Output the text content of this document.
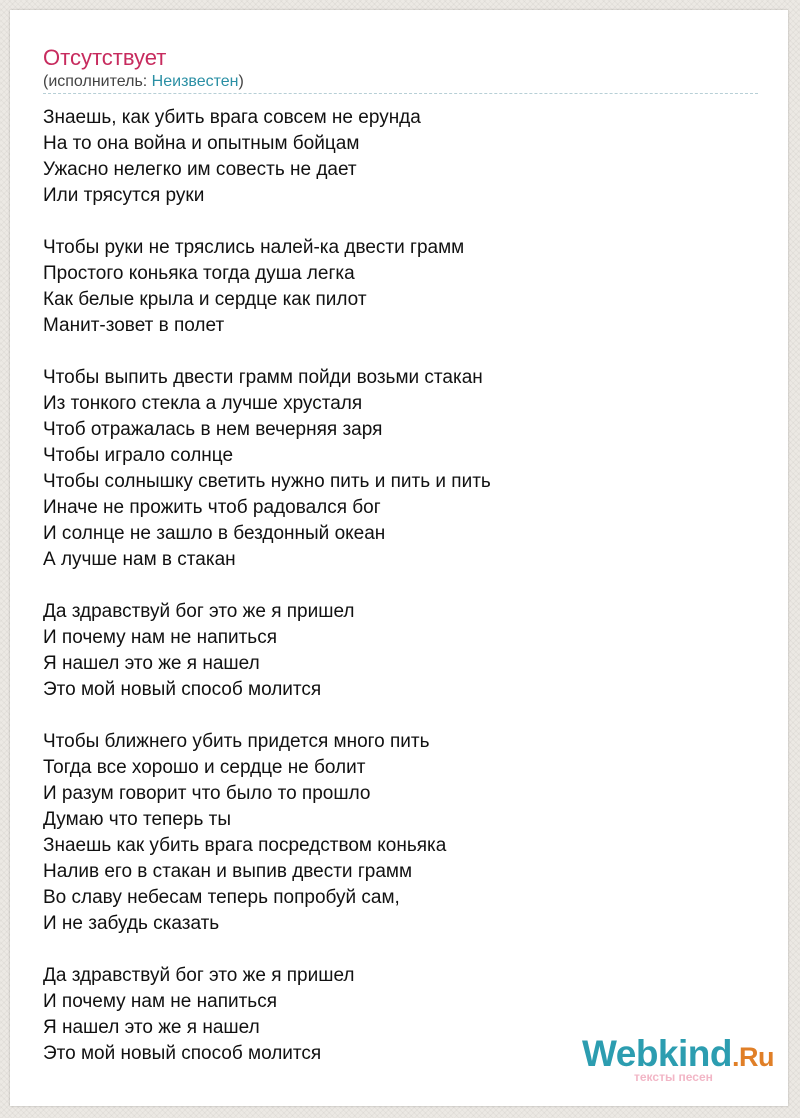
Отсутствует
(исполнитель: Неизвестен)
Знаешь, как убить врага совсем не ерунда
На то она война и опытным бойцам
Ужасно нелегко им совесть не дает
Или трясутся руки
Чтобы руки не тряслись налей-ка двести грамм
Простого коньяка тогда душа легка
Как белые крыла и сердце как пилот
Манит-зовет в полет
Чтобы выпить двести грамм пойди возьми стакан
Из тонкого стекла а лучше хрусталя
Чтоб отражалась в нем вечерняя заря
Чтобы играло солнце
Чтобы солнышку светить нужно пить и пить и пить
Иначе не прожить чтоб радовался бог
И солнце не зашло в бездонный океан
А лучше нам в стакан
Да здравствуй бог это же я пришел
И почему нам не напиться
Я нашел это же я нашел
Это мой новый способ молится
Чтобы ближнего убить придется много пить
Тогда все хорошо и сердце не болит
И разум говорит что было то прошло
Думаю что теперь ты
Знаешь как убить врага посредством коньяка
Налив его в стакан и выпив двести грамм
Во славу небесам теперь попробуй сам,
И не забудь сказать
Да здравствуй бог это же я пришел
И почему нам не напиться
Я нашел это же я нашел
Это мой новый способ молится	Webkind.Ru
тексты песен
